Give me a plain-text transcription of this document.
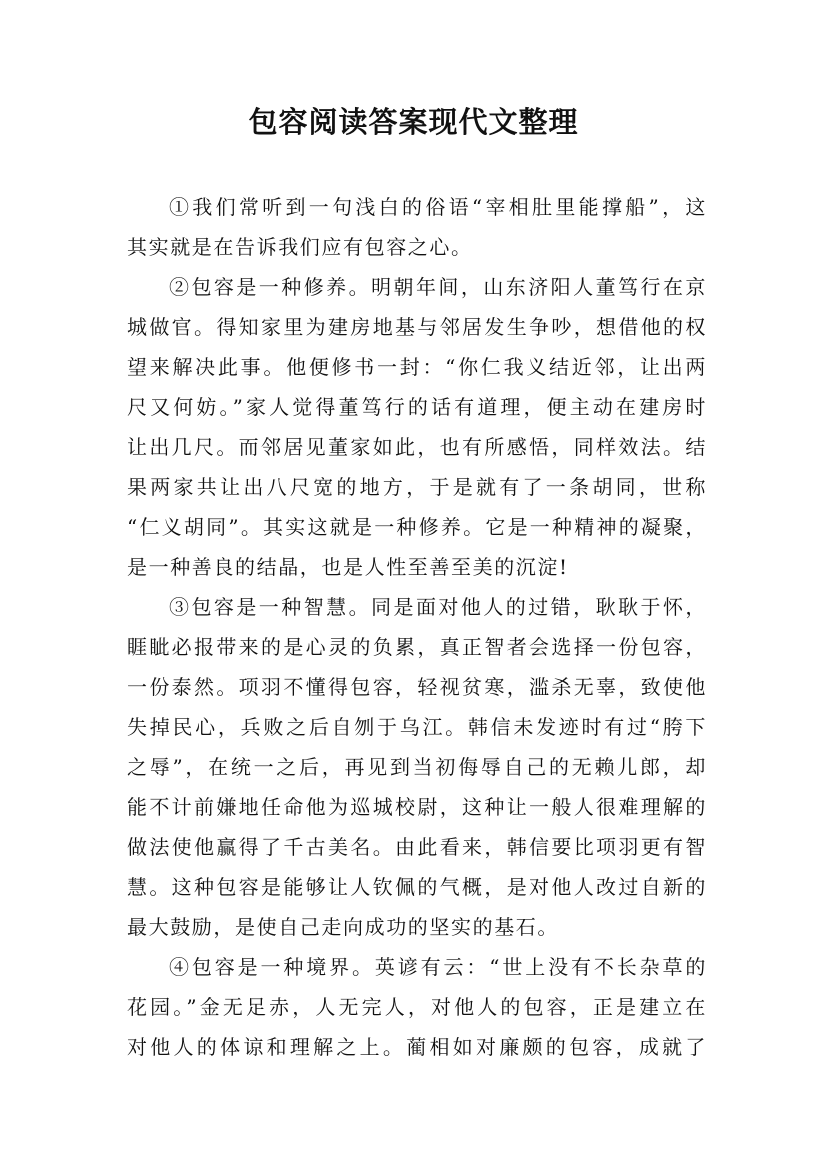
包容阅读答案现代文整理
①我们常听到一句浅白的俗语“宰相肚里能撑船”，这
其实就是在告诉我们应有包容之心。
②包容是一种修养。明朝年间，山东济阳人董笃行在京
城做官。得知家里为建房地基与邻居发生争吵，想借他的权
望来解决此事。他便修书一封：“你仁我义结近邻，让出两
尺又何妨。”家人觉得董笃行的话有道理，便主动在建房时
让出几尺。而邻居见董家如此，也有所感悟，同样效法。结
果两家共让出八尺宽的地方，于是就有了一条胡同，世称
“仁义胡同”。其实这就是一种修养。它是一种精神的凝聚，
是一种善良的结晶，也是人性至善至美的沉淀!
③包容是一种智慧。同是面对他人的过错，耿耿于怀，
睚眦必报带来的是心灵的负累，真正智者会选择一份包容，
一份泰然。项羽不懂得包容，轻视贫寒，滥杀无辜，致使他
失掉民心，兵败之后自刎于乌江。韩信未发迹时有过“胯下
之辱”，在统一之后，再见到当初侮辱自己的无赖儿郎，却
能不计前嫌地任命他为巡城校尉，这种让一般人很难理解的
做法使他赢得了千古美名。由此看来，韩信要比项羽更有智
慧。这种包容是能够让人钦佩的气概，是对他人改过自新的
最大鼓励，是使自己走向成功的坚实的基石。
④包容是一种境界。英谚有云：“世上没有不长杂草的
花园。”金无足赤，人无完人，对他人的包容，正是建立在
对他人的体谅和理解之上。蔺相如对廉颇的包容，成就了
